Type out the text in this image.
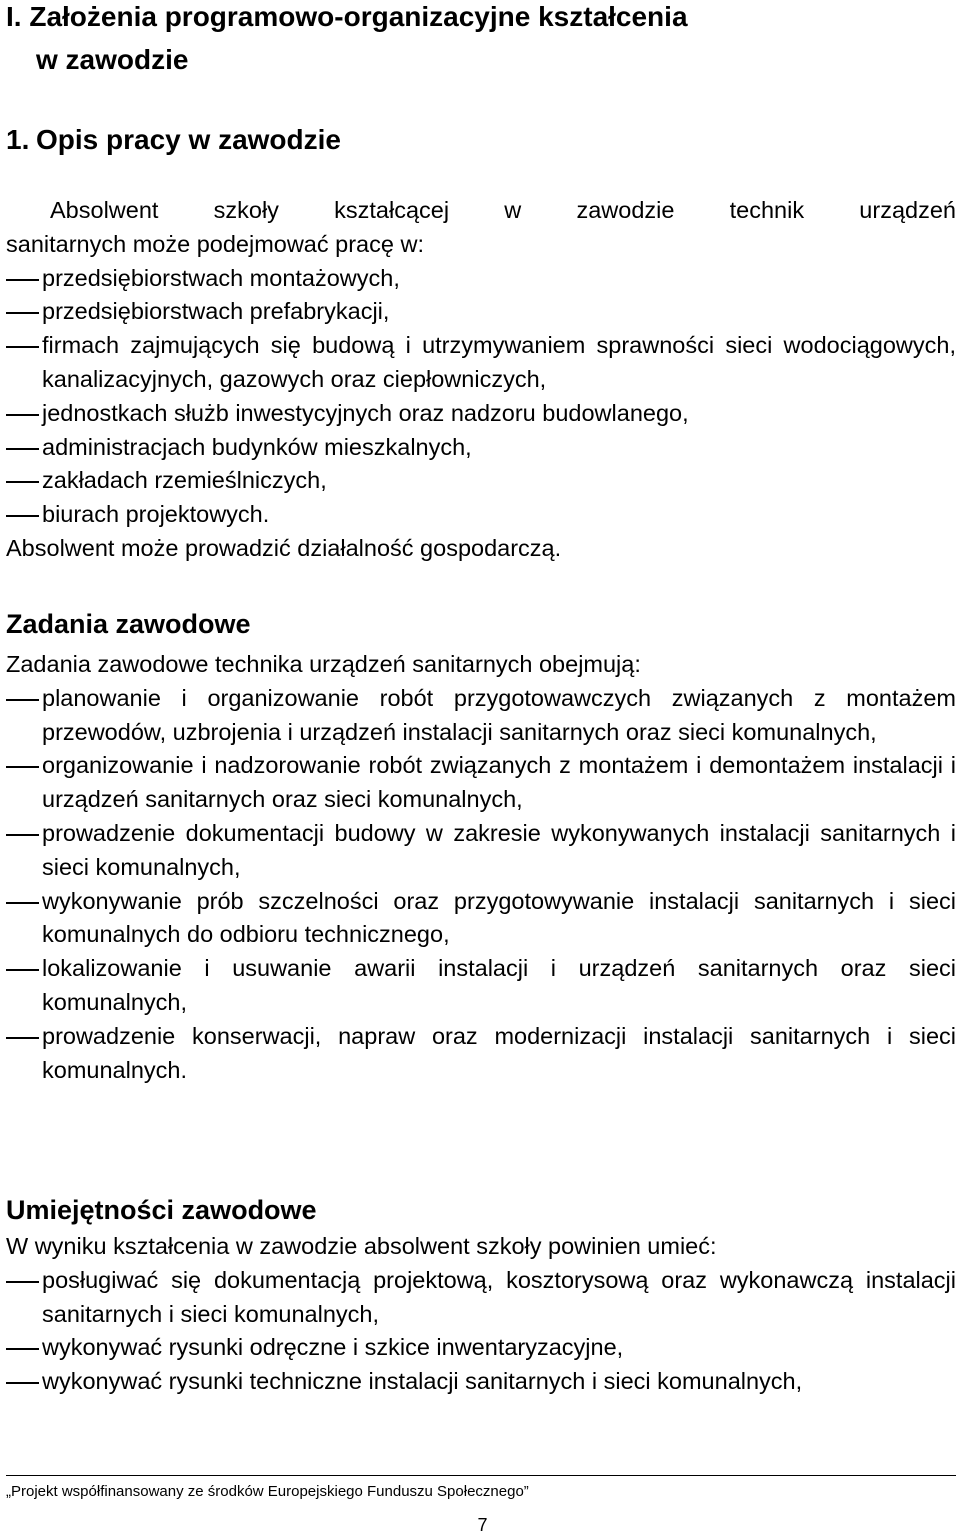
I. Założenia programowo-organizacyjne kształcenia
w zawodzie
1. Opis pracy w zawodzie

Absolwent szkoły kształcącej w zawodzie technik urządzeń

sanitarnych może podejmować pracę w:

przedsiębiorstwach montażowych,
przedsiębiorstwach prefabrykacji,
firmach zajmujących się budową i utrzymywaniem sprawności sieci wodociągowych, kanalizacyjnych, gazowych oraz ciepłowniczych,
jednostkach służb inwestycyjnych oraz nadzoru budowlanego,
administracjach budynków mieszkalnych,
zakładach rzemieślniczych,
biurach projektowych.

Absolwent może prowadzić działalność gospodarczą.

Zadania zawodowe

Zadania zawodowe technika urządzeń sanitarnych obejmują:

planowanie i organizowanie robót przygotowawczych związanych z montażem przewodów, uzbrojenia i urządzeń instalacji sanitarnych oraz sieci komunalnych,
organizowanie i nadzorowanie robót związanych z montażem i demontażem instalacji i urządzeń sanitarnych oraz sieci komunalnych,
prowadzenie dokumentacji budowy w zakresie wykonywanych instalacji sanitarnych i sieci komunalnych,
wykonywanie prób szczelności oraz przygotowywanie instalacji sanitarnych i sieci komunalnych do odbioru technicznego,
lokalizowanie i usuwanie awarii instalacji i urządzeń sanitarnych oraz sieci komunalnych,
prowadzenie konserwacji, napraw oraz modernizacji instalacji sanitarnych i sieci komunalnych.
Umiejętności zawodowe

W wyniku kształcenia w zawodzie absolwent szkoły powinien umieć:

posługiwać się dokumentacją projektową, kosztorysową oraz wykonawczą instalacji sanitarnych i sieci komunalnych,
wykonywać rysunki odręczne i szkice inwentaryzacyjne,
wykonywać rysunki techniczne instalacji sanitarnych i sieci komunalnych,
„Projekt współfinansowany ze środków Europejskiego Funduszu Społecznego”
7
